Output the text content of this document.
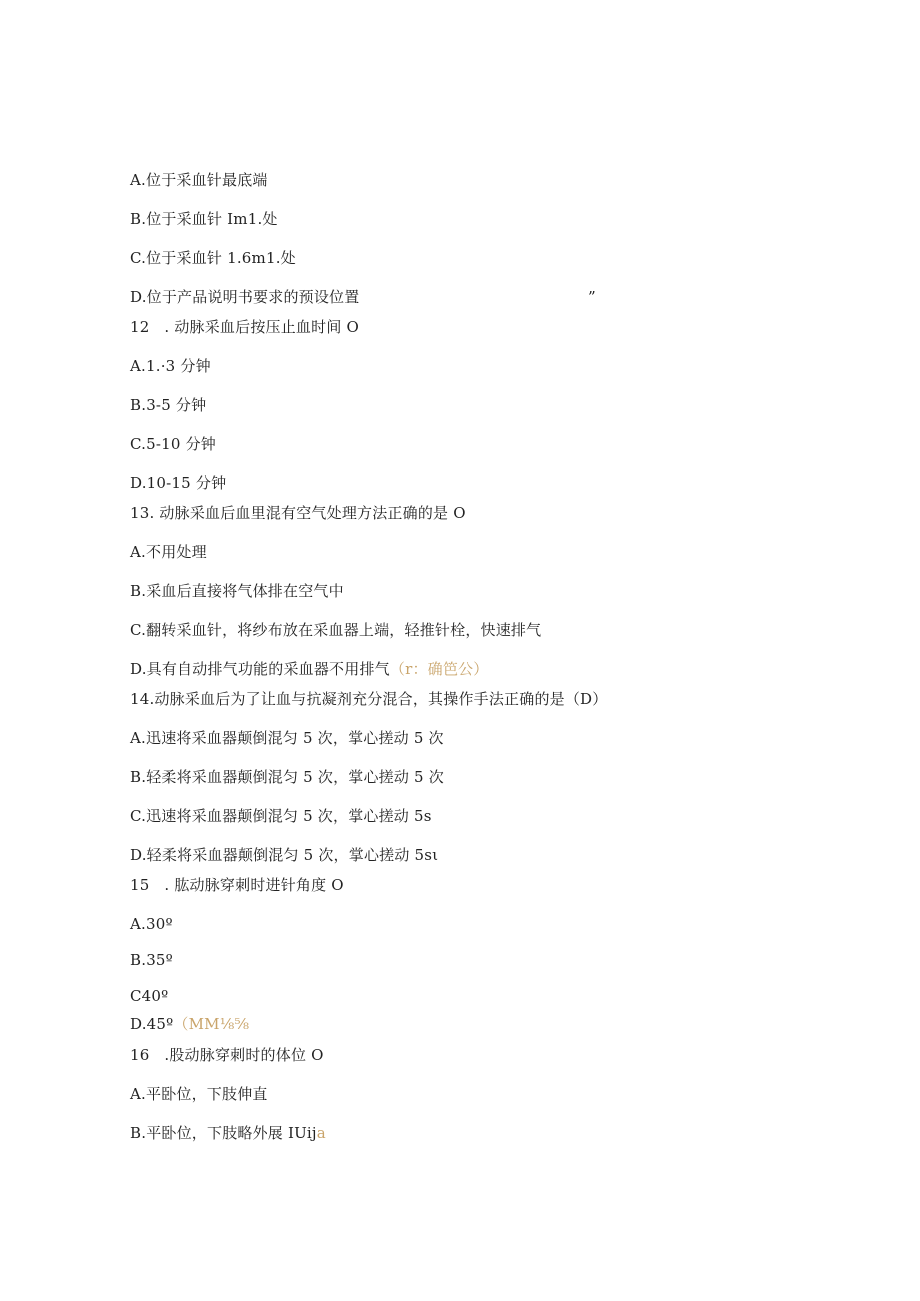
A.位于采血针最底端
B.位于采血针 Im1.处
C.位于采血针 1.6m1.处
D.位于产品说明书要求的预设位置	”
12   . 动脉采血后按压止血时间 O
A.1.·3 分钟
B.3-5 分钟
C.5-10 分钟
D.10-15 分钟
13. 动脉采血后血里混有空气处理方法正确的是 O
A.不用处理
B.采血后直接将气体排在空气中
C.翻转采血针，将纱布放在采血器上端，轻推针栓，快速排气
D.具有自动排气功能的采血器不用排气（r：确笆公）
14.动脉采血后为了让血与抗凝剂充分混合，其操作手法正确的是（D）
A.迅速将采血器颠倒混匀 5 次，掌心搓动 5 次
B.轻柔将采血器颠倒混匀 5 次，掌心搓动 5 次
C.迅速将采血器颠倒混匀 5 次，掌心搓动 5s
D.轻柔将采血器颠倒混匀 5 次，掌心搓动 5sι
15   . 肱动脉穿刺时进针角度 O
A.30º
B.35º
C40º
D.45º（MM⅛⅝
16   .股动脉穿刺时的体位 O
A.平卧位，下肢伸直
B.平卧位，下肢略外展 IUija
